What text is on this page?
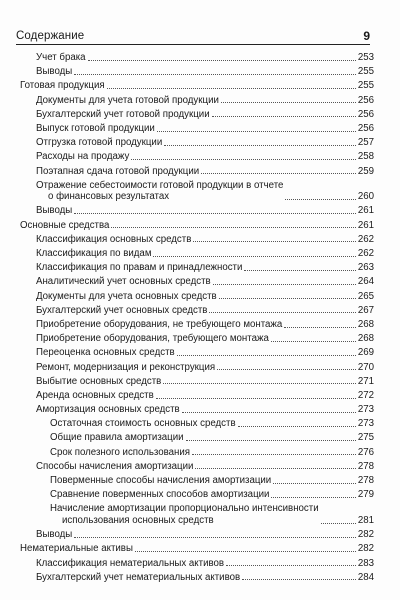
Содержание	9
Учет брака	253
Выводы	255
Готовая продукция	255
Документы для учета готовой продукции	256
Бухгалтерский учет готовой продукции	256
Выпуск готовой продукции	256
Отгрузка готовой продукции	257
Расходы на продажу	258
Поэтапная сдача готовой продукции	259
Отражение себестоимости готовой продукции в отчете
о финансовых результатах	260
Выводы	261
Основные средства	261
Классификация основных средств	262
Классификация по видам	262
Классификация по правам и принадлежности	263
Аналитический учет основных средств	264
Документы для учета основных средств	265
Бухгалтерский учет основных средств	267
Приобретение оборудования, не требующего монтажа	268
Приобретение оборудования, требующего монтажа	268
Переоценка основных средств	269
Ремонт, модернизация и реконструкция	270
Выбытие основных средств	271
Аренда основных средств	272
Амортизация основных средств	273
Остаточная стоимость основных средств	273
Общие правила амортизации	275
Срок полезного использования	276
Способы начисления амортизации	278
Поверменные способы начисления амортизации	278
Сравнение поверменных способов амортизации	279
Начисление амортизации пропорционально интенсивности
использования основных средств	281
Выводы	282
Нематериальные активы	282
Классификация нематериальных активов	283
Бухгалтерский учет нематериальных активов	284
